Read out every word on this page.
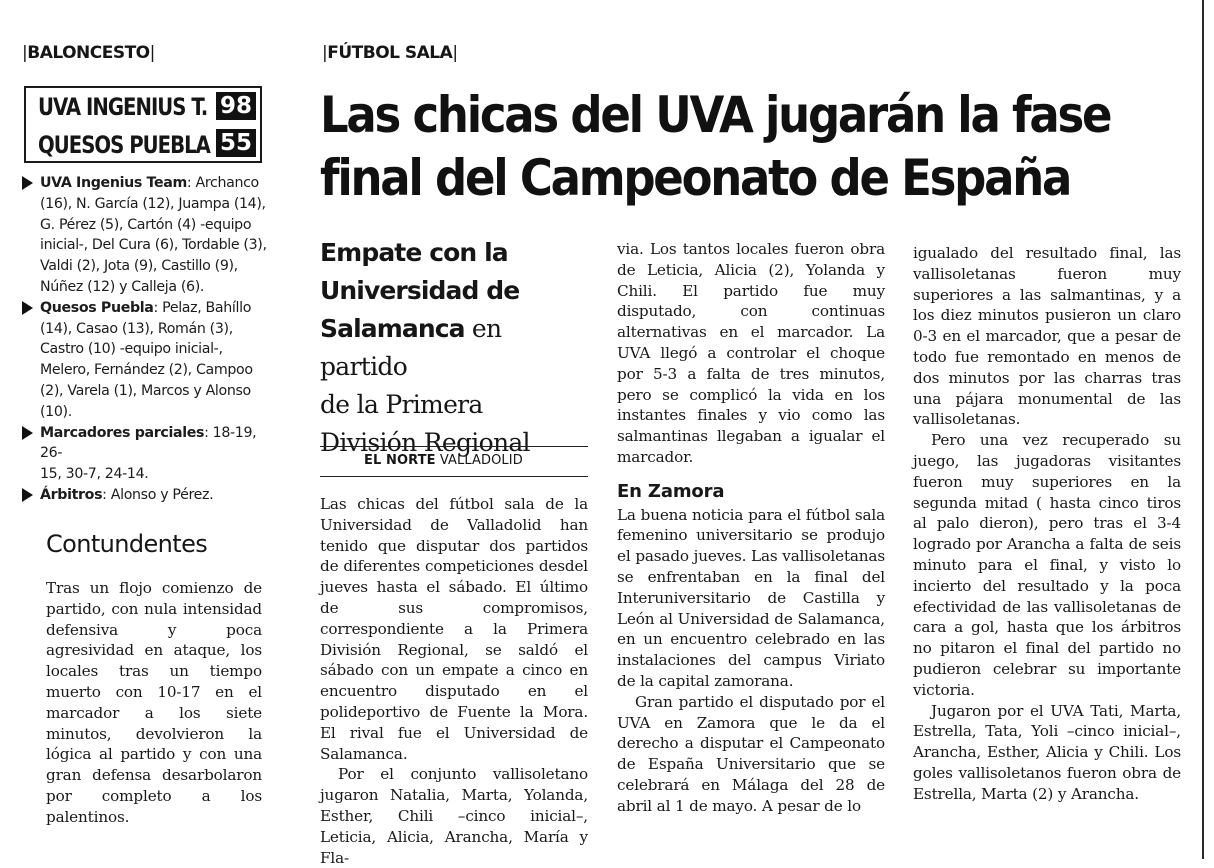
|BALONCESTO|
UVA INGENIUS T. 98
QUESOS PUEBLA 55

UVA Ingenius Team: Archanco
(16), N. García (12), Juampa (14),
G. Pérez (5), Cartón (4) -equipo
inicial-, Del Cura (6), Tordable (3),
Valdi (2), Jota (9), Castillo (9),
Núñez (12) y Calleja (6).

Quesos Puebla: Pelaz, Bahíllo
(14), Casao (13), Román (3),
Castro (10) -equipo inicial-,
Melero, Fernández (2), Campoo
(2), Varela (1), Marcos y Alonso
(10).

Marcadores parciales: 18-19, 26-
15, 30-7, 24-14.

Árbitros: Alonso y Pérez.

Contundentes

Tras un flojo comienzo de partido, con nula intensidad defensiva y poca agresividad en ataque, los locales tras un tiempo muerto con 10-17 en el marcador a los siete minutos, devolvieron la lógica al partido y con una gran defensa desarbolaron por completo a los palentinos.

|FÚTBOL SALA|
Las chicas del UVA jugarán la fase
final del Campeonato de España
Empate con la
Universidad de
Salamanca en partido
de la Primera
División Regional
EL NORTE VALLADOLID

Las chicas del fútbol sala de la Universidad de Valladolid han tenido que disputar dos partidos de diferentes competiciones desdel jueves hasta el sábado. El último de sus compromisos, correspondiente a la Primera División Regional, se saldó el sábado con un empate a cinco en encuentro disputado en el polideportivo de Fuente la Mora. El rival fue el Universidad de Salamanca.

Por el conjunto vallisoletano jugaron Natalia, Marta, Yolanda, Esther, Chili –cinco inicial–, Leticia, Alicia, Arancha, María y Fla-

via. Los tantos locales fueron obra de Leticia, Alicia (2), Yolanda y Chili. El partido fue muy disputado, con continuas alternativas en el marcador. La UVA llegó a controlar el choque por 5-3 a falta de tres minutos, pero se complicó la vida en los instantes finales y vio como las salmantinas llegaban a igualar el marcador.

En Zamora

La buena noticia para el fútbol sala femenino universitario se produjo el pasado jueves. Las vallisoletanas se enfrentaban en la final del Interuniversitario de Castilla y León al Universidad de Salamanca, en un encuentro celebrado en las instalaciones del campus Viriato de la capital zamorana.

Gran partido el disputado por el UVA en Zamora que le da el derecho a disputar el Campeonato de España Universitario que se celebrará en Málaga del 28 de abril al 1 de mayo. A pesar de lo

igualado del resultado final, las vallisoletanas fueron muy superiores a las salmantinas, y a los diez minutos pusieron un claro 0-3 en el marcador, que a pesar de todo fue remontado en menos de dos minutos por las charras tras una pájara monumental de las vallisoletanas.

Pero una vez recuperado su juego, las jugadoras visitantes fueron muy superiores en la segunda mitad ( hasta cinco tiros al palo dieron), pero tras el 3-4 logrado por Arancha a falta de seis minuto para el final, y visto lo incierto del resultado y la poca efectividad de las vallisoletanas de cara a gol, hasta que los árbitros no pitaron el final del partido no pudieron celebrar su importante victoria.

Jugaron por el UVA Tati, Marta, Estrella, Tata, Yoli –cinco inicial–, Arancha, Esther, Alicia y Chili. Los goles vallisoletanos fueron obra de Estrella, Marta (2) y Arancha.
